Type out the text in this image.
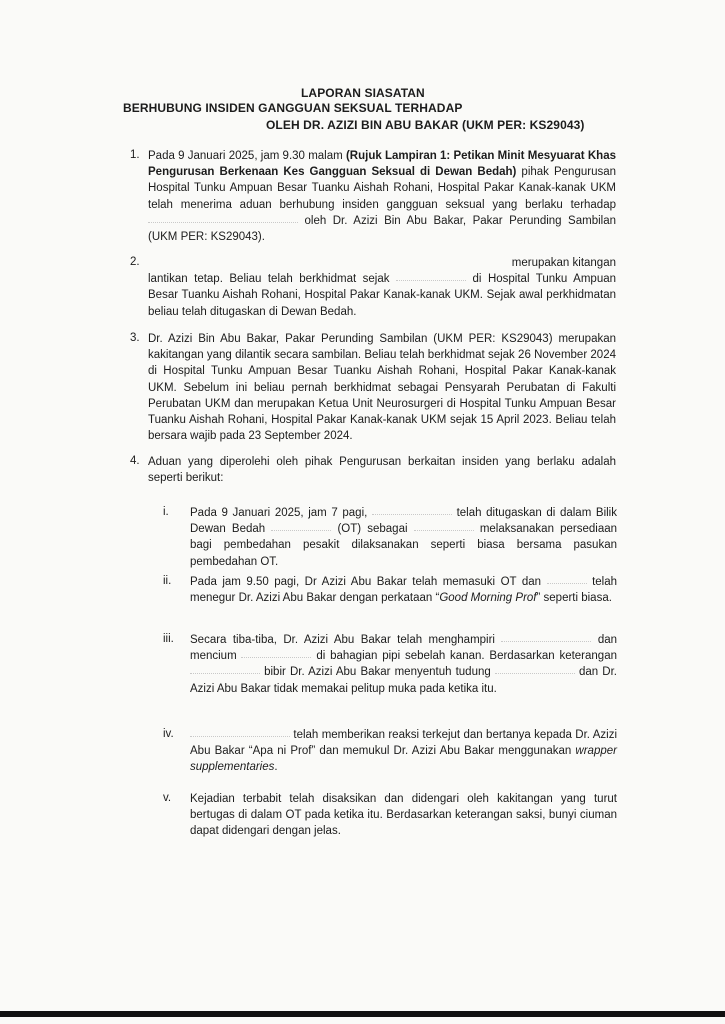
LAPORAN SIASATAN
BERHUBUNG INSIDEN GANGGUAN SEKSUAL TERHADAP
OLEH DR. AZIZI BIN ABU BAKAR (UKM PER: KS29043)
1. Pada 9 Januari 2025, jam 9.30 malam (Rujuk Lampiran 1: Petikan Minit Mesyuarat Khas Pengurusan Berkenaan Kes Gangguan Seksual di Dewan Bedah) pihak Pengurusan Hospital Tunku Ampuan Besar Tuanku Aishah Rohani, Hospital Pakar Kanak-kanak UKM telah menerima aduan berhubung insiden gangguan seksual yang berlaku terhadap  oleh Dr. Azizi Bin Abu Bakar, Pakar Perunding Sambilan (UKM PER: KS29043).
2.	merupakan kitangan
lantikan tetap. Beliau telah berkhidmat sejak	di Hospital Tunku Ampuan Besar Tuanku Aishah Rohani, Hospital Pakar Kanak-kanak UKM. Sejak awal perkhidmatan beliau telah ditugaskan di Dewan Bedah.
3. Dr. Azizi Bin Abu Bakar, Pakar Perunding Sambilan (UKM PER: KS29043) merupakan kakitangan yang dilantik secara sambilan. Beliau telah berkhidmat sejak 26 November 2024 di Hospital Tunku Ampuan Besar Tuanku Aishah Rohani, Hospital Pakar Kanak-kanak UKM. Sebelum ini beliau pernah berkhidmat sebagai Pensyarah Perubatan di Fakulti Perubatan UKM dan merupakan Ketua Unit Neurosurgeri di Hospital Tunku Ampuan Besar Tuanku Aishah Rohani, Hospital Pakar Kanak-kanak UKM sejak 15 April 2023. Beliau telah bersara wajib pada 23 September 2024.
4. Aduan yang diperolehi oleh pihak Pengurusan berkaitan insiden yang berlaku adalah seperti berikut:
i. Pada 9 Januari 2025, jam 7 pagi,	telah ditugaskan di dalam Bilik Dewan Bedah	(OT) sebagai	melaksanakan persediaan bagi pembedahan pesakit dilaksanakan seperti biasa bersama pasukan pembedahan OT.
ii. Pada jam 9.50 pagi, Dr Azizi Abu Bakar telah memasuki OT dan	telah menegur Dr. Azizi Abu Bakar dengan perkataan “Good Morning Prof” seperti biasa.
iii. Secara tiba-tiba, Dr. Azizi Abu Bakar telah menghampiri	dan mencium	di bahagian pipi sebelah kanan. Berdasarkan keterangan  bibir Dr. Azizi Abu Bakar menyentuh tudung	dan Dr. Azizi Abu Bakar tidak memakai pelitup muka pada ketika itu.
iv.	telah memberikan reaksi terkejut dan bertanya kepada Dr. Azizi Abu Bakar “Apa ni Prof” dan memukul Dr. Azizi Abu Bakar menggunakan wrapper supplementaries.
v. Kejadian terbabit telah disaksikan dan didengari oleh kakitangan yang turut bertugas di dalam OT pada ketika itu. Berdasarkan keterangan saksi, bunyi ciuman dapat didengari dengan jelas.
